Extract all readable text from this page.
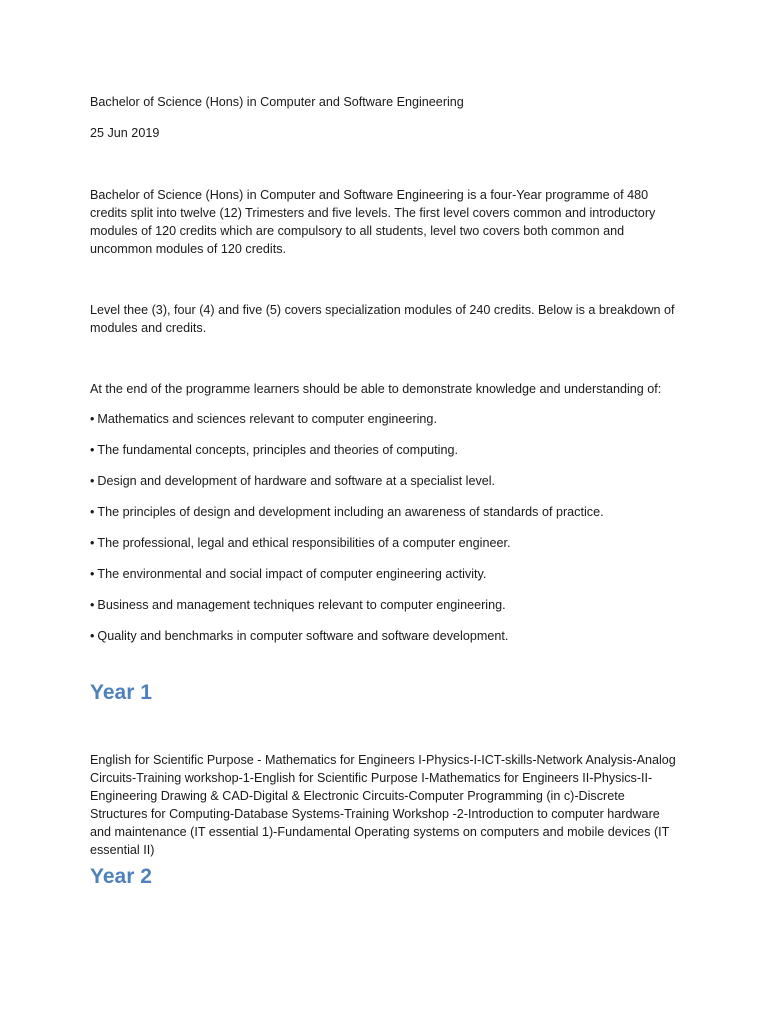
Bachelor of Science (Hons) in Computer and Software Engineering
25 Jun 2019
Bachelor of Science (Hons) in Computer and Software Engineering is a four-Year programme of 480 credits split into twelve (12) Trimesters and five levels. The first level covers common and introductory modules of 120 credits which are compulsory to all students, level two covers both common and uncommon modules of 120 credits.
Level thee (3), four (4) and five (5) covers specialization modules of 240 credits. Below is a breakdown of modules and credits.
At the end of the programme learners should be able to demonstrate knowledge and understanding of:
• Mathematics and sciences relevant to computer engineering.
• The fundamental concepts, principles and theories of computing.
• Design and development of hardware and software at a specialist level.
• The principles of design and development including an awareness of standards of practice.
• The professional, legal and ethical responsibilities of a computer engineer.
• The environmental and social impact of computer engineering activity.
• Business and management techniques relevant to computer engineering.
• Quality and benchmarks in computer software and software development.
Year 1
English for Scientific Purpose - Mathematics for Engineers I-Physics-I-ICT-skills-Network Analysis-Analog Circuits-Training workshop-1-English for Scientific Purpose I-Mathematics for Engineers II-Physics-II-Engineering Drawing & CAD-Digital & Electronic Circuits-Computer Programming (in c)-Discrete Structures for Computing-Database Systems-Training Workshop -2-Introduction to computer hardware and maintenance (IT essential 1)-Fundamental Operating systems on computers and mobile devices (IT essential II)
Year 2
